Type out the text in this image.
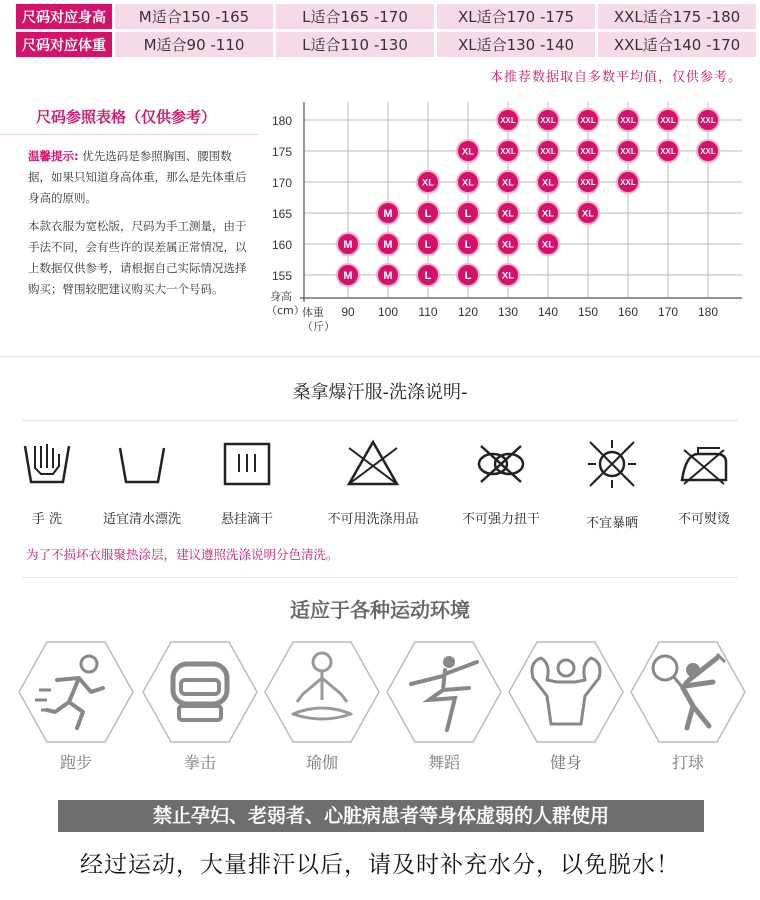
尺码对应身高	M适合150 -165	L适合165 -170	XL适合170 -175	XXL适合175 -180
尺码对应体重	M适合90 -110	L适合110 -130	XL适合130 -140	XXL适合140 -170
本推荐数据取自多数平均值，仅供参考。
尺码参照表格（仅供参考）
温馨提示: 优先选码是参照胸围、腰围数据，如果只知道身高体重，那么是先体重后身高的原则。
本款衣服为宽松版，尺码为手工测量，由于手法不同，会有些许的误差属正常情况，以上数据仅供参考，请根据自己实际情况选择购买；臂围较肥建议购买大一个号码。
155
160
165
170
175
180
90 100 110 120 130 140 150 160 170 180
身高
（cm）
体重
（斤）
M	M	L	L	XL
M	M	L	L	XL	XL
M	L	L	XL	XL	XL
XL	XL	XL	XL	XXL	XXL
XL	XXL	XXL	XXL	XXL	XXL	XXL
XXL	XXL	XXL	XXL	XXL	XXL
桑拿爆汗服-洗涤说明-
手 洗	适宜清水漂洗	悬挂滴干	不可用洗涤用品	不可强力扭干	不宜暴晒	不可熨烫
为了不损坏衣服聚热涂层，建议遵照洗涤说明分色清洗。
适应于各种运动环境
跑步	拳击	瑜伽	舞蹈	健身	打球
禁止孕妇、老弱者、心脏病患者等身体虚弱的人群使用
经过运动，大量排汗以后，请及时补充水分，以免脱水！
